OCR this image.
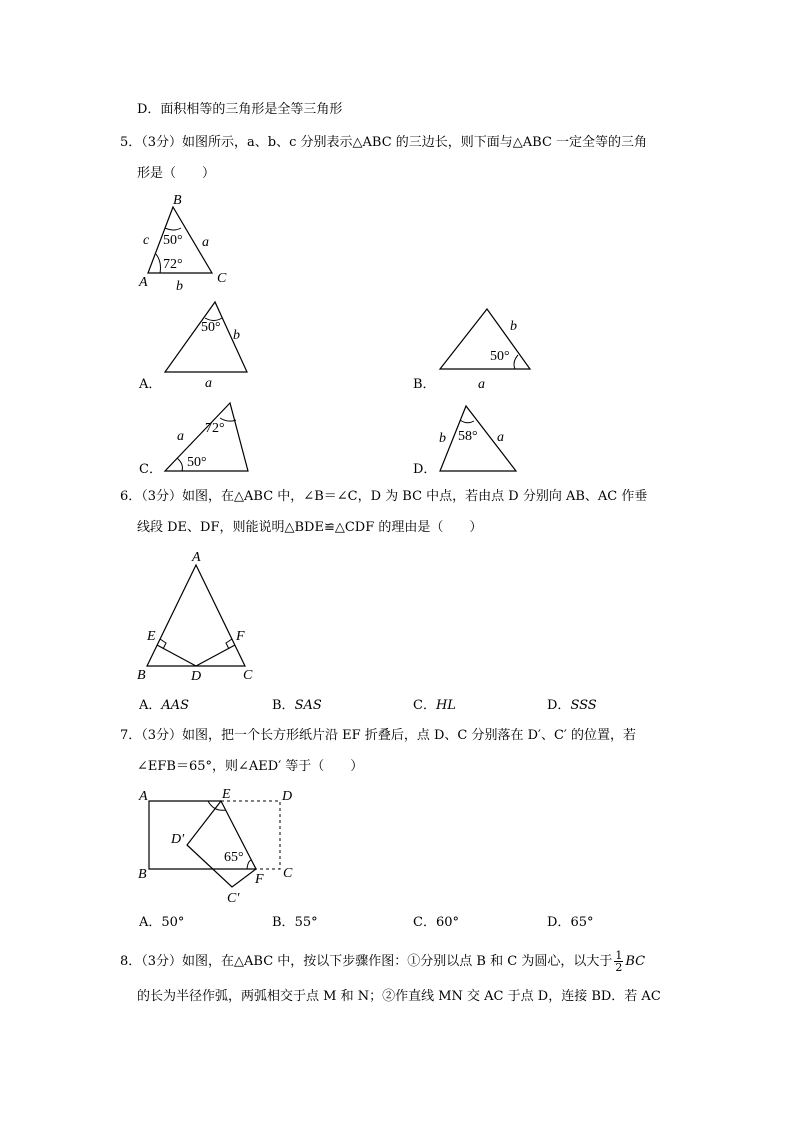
D．面积相等的三角形是全等三角形
5．（3分）如图所示，a、b、c 分别表示△ABC 的三边长，则下面与△ABC 一定全等的三角
形是（　　）
B
A	C
a
b
c 50°
72°
50°
b
a
50°
b
a
72°
50°
a	58°
b	a
A
B	C
D
E	F
A
B	C
D
E
F
D′
C′
65°
A．	B．
C．	D．
6．（3分）如图，在△ABC 中，∠B＝∠C，D 为 BC 中点，若由点 D 分别向 AB、AC 作垂
线段 DE、DF，则能说明△BDE≌△CDF 的理由是（　　）
A．AAS	B．SAS	C．HL	D．SSS
7．（3分）如图，把一个长方形纸片沿 EF 折叠后，点 D、C 分别落在 D′、C′ 的位置，若
∠EFB＝65°，则∠AED′ 等于（　　）
A．50°	B．55°	C．60°	D．65°
8．（3分）如图，在△ABC 中，按以下步骤作图：①分别以点 B 和 C 为圆心，以大于 $\frac{1}{2}$ BC
的长为半径作弧，两弧相交于点 M 和 N；②作直线 MN 交 AC 于点 D，连接 BD．若 AC
